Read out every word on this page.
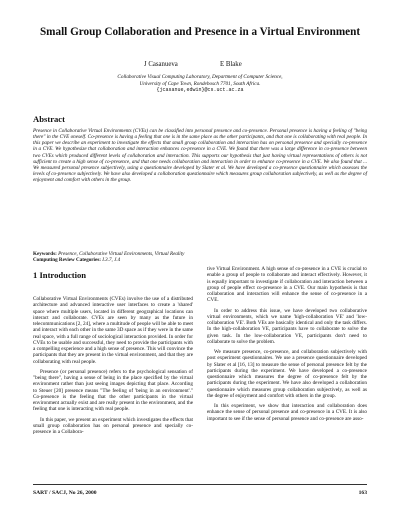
Small Group Collaboration and Presence in a Virtual Environment
J Casanueva	E Blake
Collaborative Visual Computing Laboratory, Department of Computer Science,
University of Cape Town, Rondebosch 7701, South Africa.
{jcasanue,edwin}@cs.uct.ac.za
Abstract

Presence in Collaborative Virtual Environments (CVEs) can be classified into personal presence and co-presence. Personal presence is having a feeling of "being there" in the CVE oneself. Co-presence is having a feeling that one is in the same place as the other participants, and that one is collaborating with real people. In this paper we describe an experiment to investigate the effects that small group collaboration and interaction has on personal presence and specially co-presence in a CVE. We hypothesize that collaboration and interaction enhances co-presence in a CVE. We found that there was a large difference in co-presence between two CVEs which produced different levels of collaboration and interaction. This supports our hypothesis that just having virtual representations of others is not sufficient to create a high sense of co-presence, and that one needs collaboration and interaction in order to enhance co-presence in a CVE. We also found that ... We measured personal presence subjectively, using a questionnaire developed by Slater et al. We have developed a co-presence questionnaire which assesses the levels of co-presence subjectively. We have also developed a collaboration questionnaire which measures group collaboration subjectively, as well as the degree of enjoyment and comfort with others in the group.

Keywords: Presence, Collaborative Virtual Environments, Virtual Reality
Computing Review Categories: I.3.7, J.4
1 Introduction

Collaborative Virtual Environments (CVEs) involve the use of a distributed architecture and advanced interactive user interfaces to create a 'shared' space where multiple users, located in different geographical locations can interact and collaborate. CVEs are seen by many as the future in telecommunications [2, 24], where a multitude of people will be able to meet and interact with each other in the same 3D space as if they were in the same real space, with a full range of sociological interaction provided. In order for CVEs to be usable and successful, they need to provide the participants with a compelling experience and a high sense of presence. This will convince the participants that they are present in the virtual environment, and that they are collaborating with real people.

Presence (or personal presence) refers to the psychological sensation of "being there", having a sense of being in the place specified by the virtual environment rather than just seeing images depicting that place. According to Steuer [20] presence means "The feeling of 'being in an environment'." Co-presence is the feeling that the other participants in the virtual environment actually exist and are really present in the environment, and the feeling that one is interacting with real people.

In this paper, we present an experiment which investigates the effects that small group collaboration has on personal presence and specially co-presence in a Collabora-

tive Virtual Environment. A high sense of co-presence in a CVE is crucial to enable a group of people to collaborate and interact effectively. However, it is equally important to investigate if collaboration and interaction between a group of people effect co-presence in a CVE. Our main hypothesis is that collaboration and interaction will enhance the sense of co-presence in a CVE.

In order to address this issue, we have developed two collaborative virtual environments, which we name 'high-collaboration VE' and 'low-collaboration VE'. Both VEs are basically identical and only the task differs. In the high-collaboration VE, participants have to collaborate to solve the given task. In the low-collaboration VE, participants don't need to collaborate to solve the problem.

We measure presence, co-presence, and collaboration subjectively with post experiment questionnaires. We use a presence questionnaire developed by Slater et al [16, 13] to measure the sense of personal presence felt by the participants during the experiment. We have developed a co-presence questionnaire which measures the degree of co-presence felt by the participants during the experiment. We have also developed a collaboration questionnaire which measures group collaboration subjectively, as well as the degree of enjoyment and comfort with others in the group.

In this experiment, we show that interaction and collaboration does enhance the sense of personal presence and co-presence in a CVE. It is also important to see if the sense of personal presence and co-presence are asso-

SART / SACJ, No 26, 2000	163
